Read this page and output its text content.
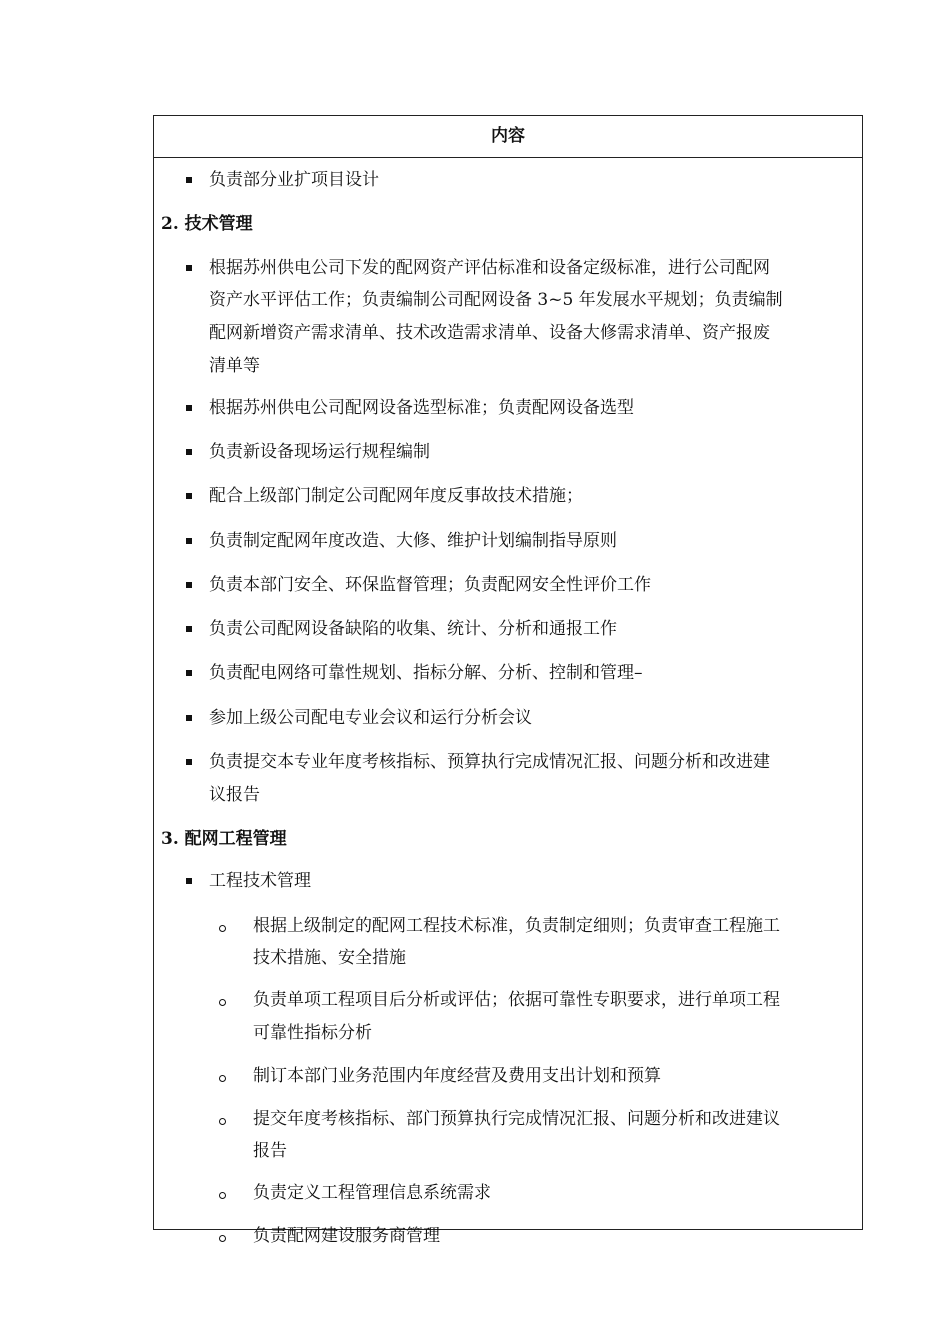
内容
负责部分业扩项目设计
2. 技术管理
根据苏州供电公司下发的配网资产评估标准和设备定级标准，进行公司配网
资产水平评估工作；负责编制公司配网设备 3~5 年发展水平规划；负责编制
配网新增资产需求清单、技术改造需求清单、设备大修需求清单、资产报废
清单等
根据苏州供电公司配网设备选型标准；负责配网设备选型
负责新设备现场运行规程编制
配合上级部门制定公司配网年度反事故技术措施；
负责制定配网年度改造、大修、维护计划编制指导原则
负责本部门安全、环保监督管理；负责配网安全性评价工作
负责公司配网设备缺陷的收集、统计、分析和通报工作
负责配电网络可靠性规划、指标分解、分析、控制和管理–
参加上级公司配电专业会议和运行分析会议
负责提交本专业年度考核指标、预算执行完成情况汇报、问题分析和改进建
议报告
3. 配网工程管理
工程技术管理
根据上级制定的配网工程技术标准，负责制定细则；负责审查工程施工
技术措施、安全措施
负责单项工程项目后分析或评估；依据可靠性专职要求，进行单项工程
可靠性指标分析
制订本部门业务范围内年度经营及费用支出计划和预算
提交年度考核指标、部门预算执行完成情况汇报、问题分析和改进建议
报告
负责定义工程管理信息系统需求
负责配网建设服务商管理
